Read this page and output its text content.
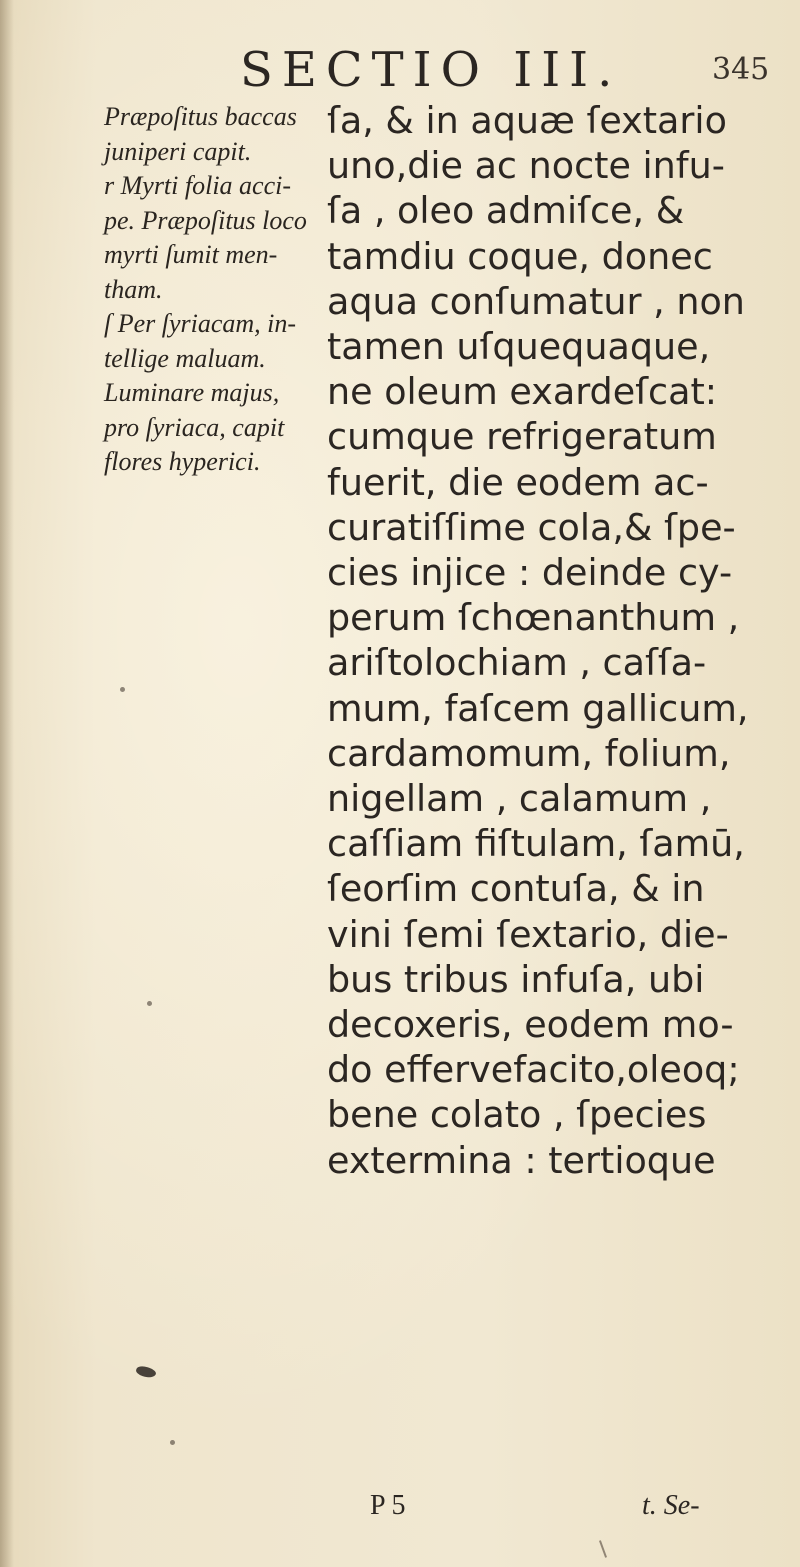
SECTIO III.	345
Præpoſitus baccas
juniperi capit.
r Myrti folia acci-
pe. Præpoſitus loco
myrti ſumit men-
tham.
ſ Per ſyriacam, in-
tellige maluam.
Luminare majus,
pro ſyriaca, capit
flores hyperici.
ſa, & in aquæ ſextario
uno,die ac nocte infu-
ſa , oleo admiſce, &
tamdiu coque, donec
aqua conſumatur , non
tamen uſquequaque,
ne oleum exardeſcat:
cumque refrigeratum
fuerit, die eodem ac-
curatiſſime cola,& ſpe-
cies injice : deinde cy-
perum ſchœnanthum ,
ariſtolochiam , caſſa-
mum, faſcem gallicum,
cardamomum, folium,
nigellam , calamum ,
caſſiam fiſtulam, ſamū,
ſeorſim contuſa, & in
vini ſemi ſextario, die-
bus tribus infuſa, ubi
decoxeris, eodem mo-
do effervefacito,oleoq;
bene colato , ſpecies
extermina : tertioque
P 5	t. Se-
